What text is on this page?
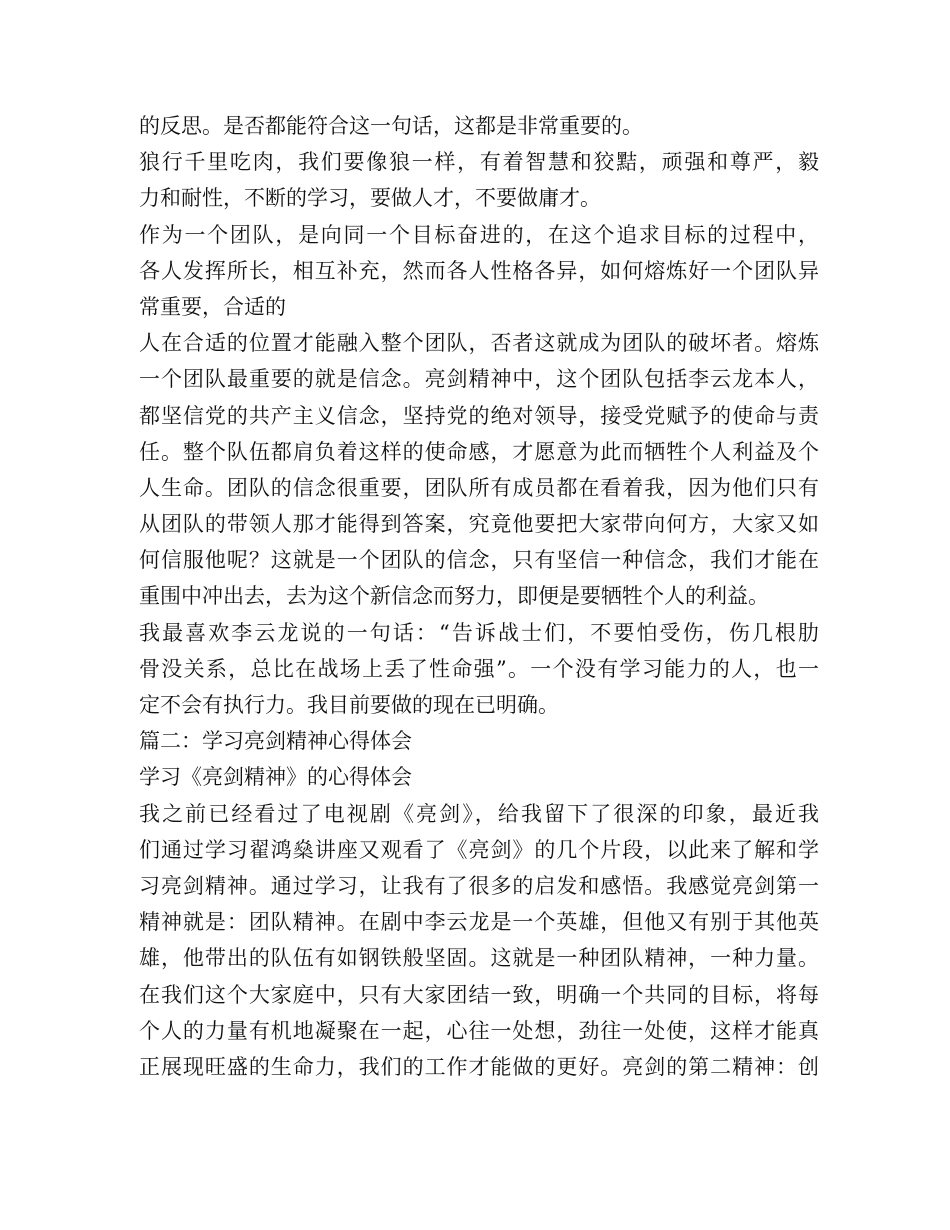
的反思。是否都能符合这一句话，这都是非常重要的。
狼行千里吃肉，我们要像狼一样，有着智慧和狡黠，顽强和尊严，毅
力和耐性，不断的学习，要做人才，不要做庸才。
作为一个团队，是向同一个目标奋进的，在这个追求目标的过程中，
各人发挥所长，相互补充，然而各人性格各异，如何熔炼好一个团队异
常重要，合适的
人在合适的位置才能融入整个团队，否者这就成为团队的破坏者。熔炼
一个团队最重要的就是信念。亮剑精神中，这个团队包括李云龙本人，
都坚信党的共产主义信念，坚持党的绝对领导，接受党赋予的使命与责
任。整个队伍都肩负着这样的使命感，才愿意为此而牺牲个人利益及个
人生命。团队的信念很重要，团队所有成员都在看着我，因为他们只有
从团队的带领人那才能得到答案，究竟他要把大家带向何方，大家又如
何信服他呢？这就是一个团队的信念，只有坚信一种信念，我们才能在
重围中冲出去，去为这个新信念而努力，即便是要牺牲个人的利益。
我最喜欢李云龙说的一句话：“告诉战士们，不要怕受伤，伤几根肋
骨没关系，总比在战场上丢了性命强”。一个没有学习能力的人，也一
定不会有执行力。我目前要做的现在已明确。
篇二：学习亮剑精神心得体会
学习《亮剑精神》的心得体会
我之前已经看过了电视剧《亮剑》，给我留下了很深的印象，最近我
们通过学习翟鸿燊讲座又观看了《亮剑》的几个片段，以此来了解和学
习亮剑精神。通过学习，让我有了很多的启发和感悟。我感觉亮剑第一
精神就是：团队精神。在剧中李云龙是一个英雄，但他又有别于其他英
雄，他带出的队伍有如钢铁般坚固。这就是一种团队精神，一种力量。
在我们这个大家庭中，只有大家团结一致，明确一个共同的目标，将每
个人的力量有机地凝聚在一起，心往一处想，劲往一处使，这样才能真
正展现旺盛的生命力，我们的工作才能做的更好。亮剑的第二精神：创
